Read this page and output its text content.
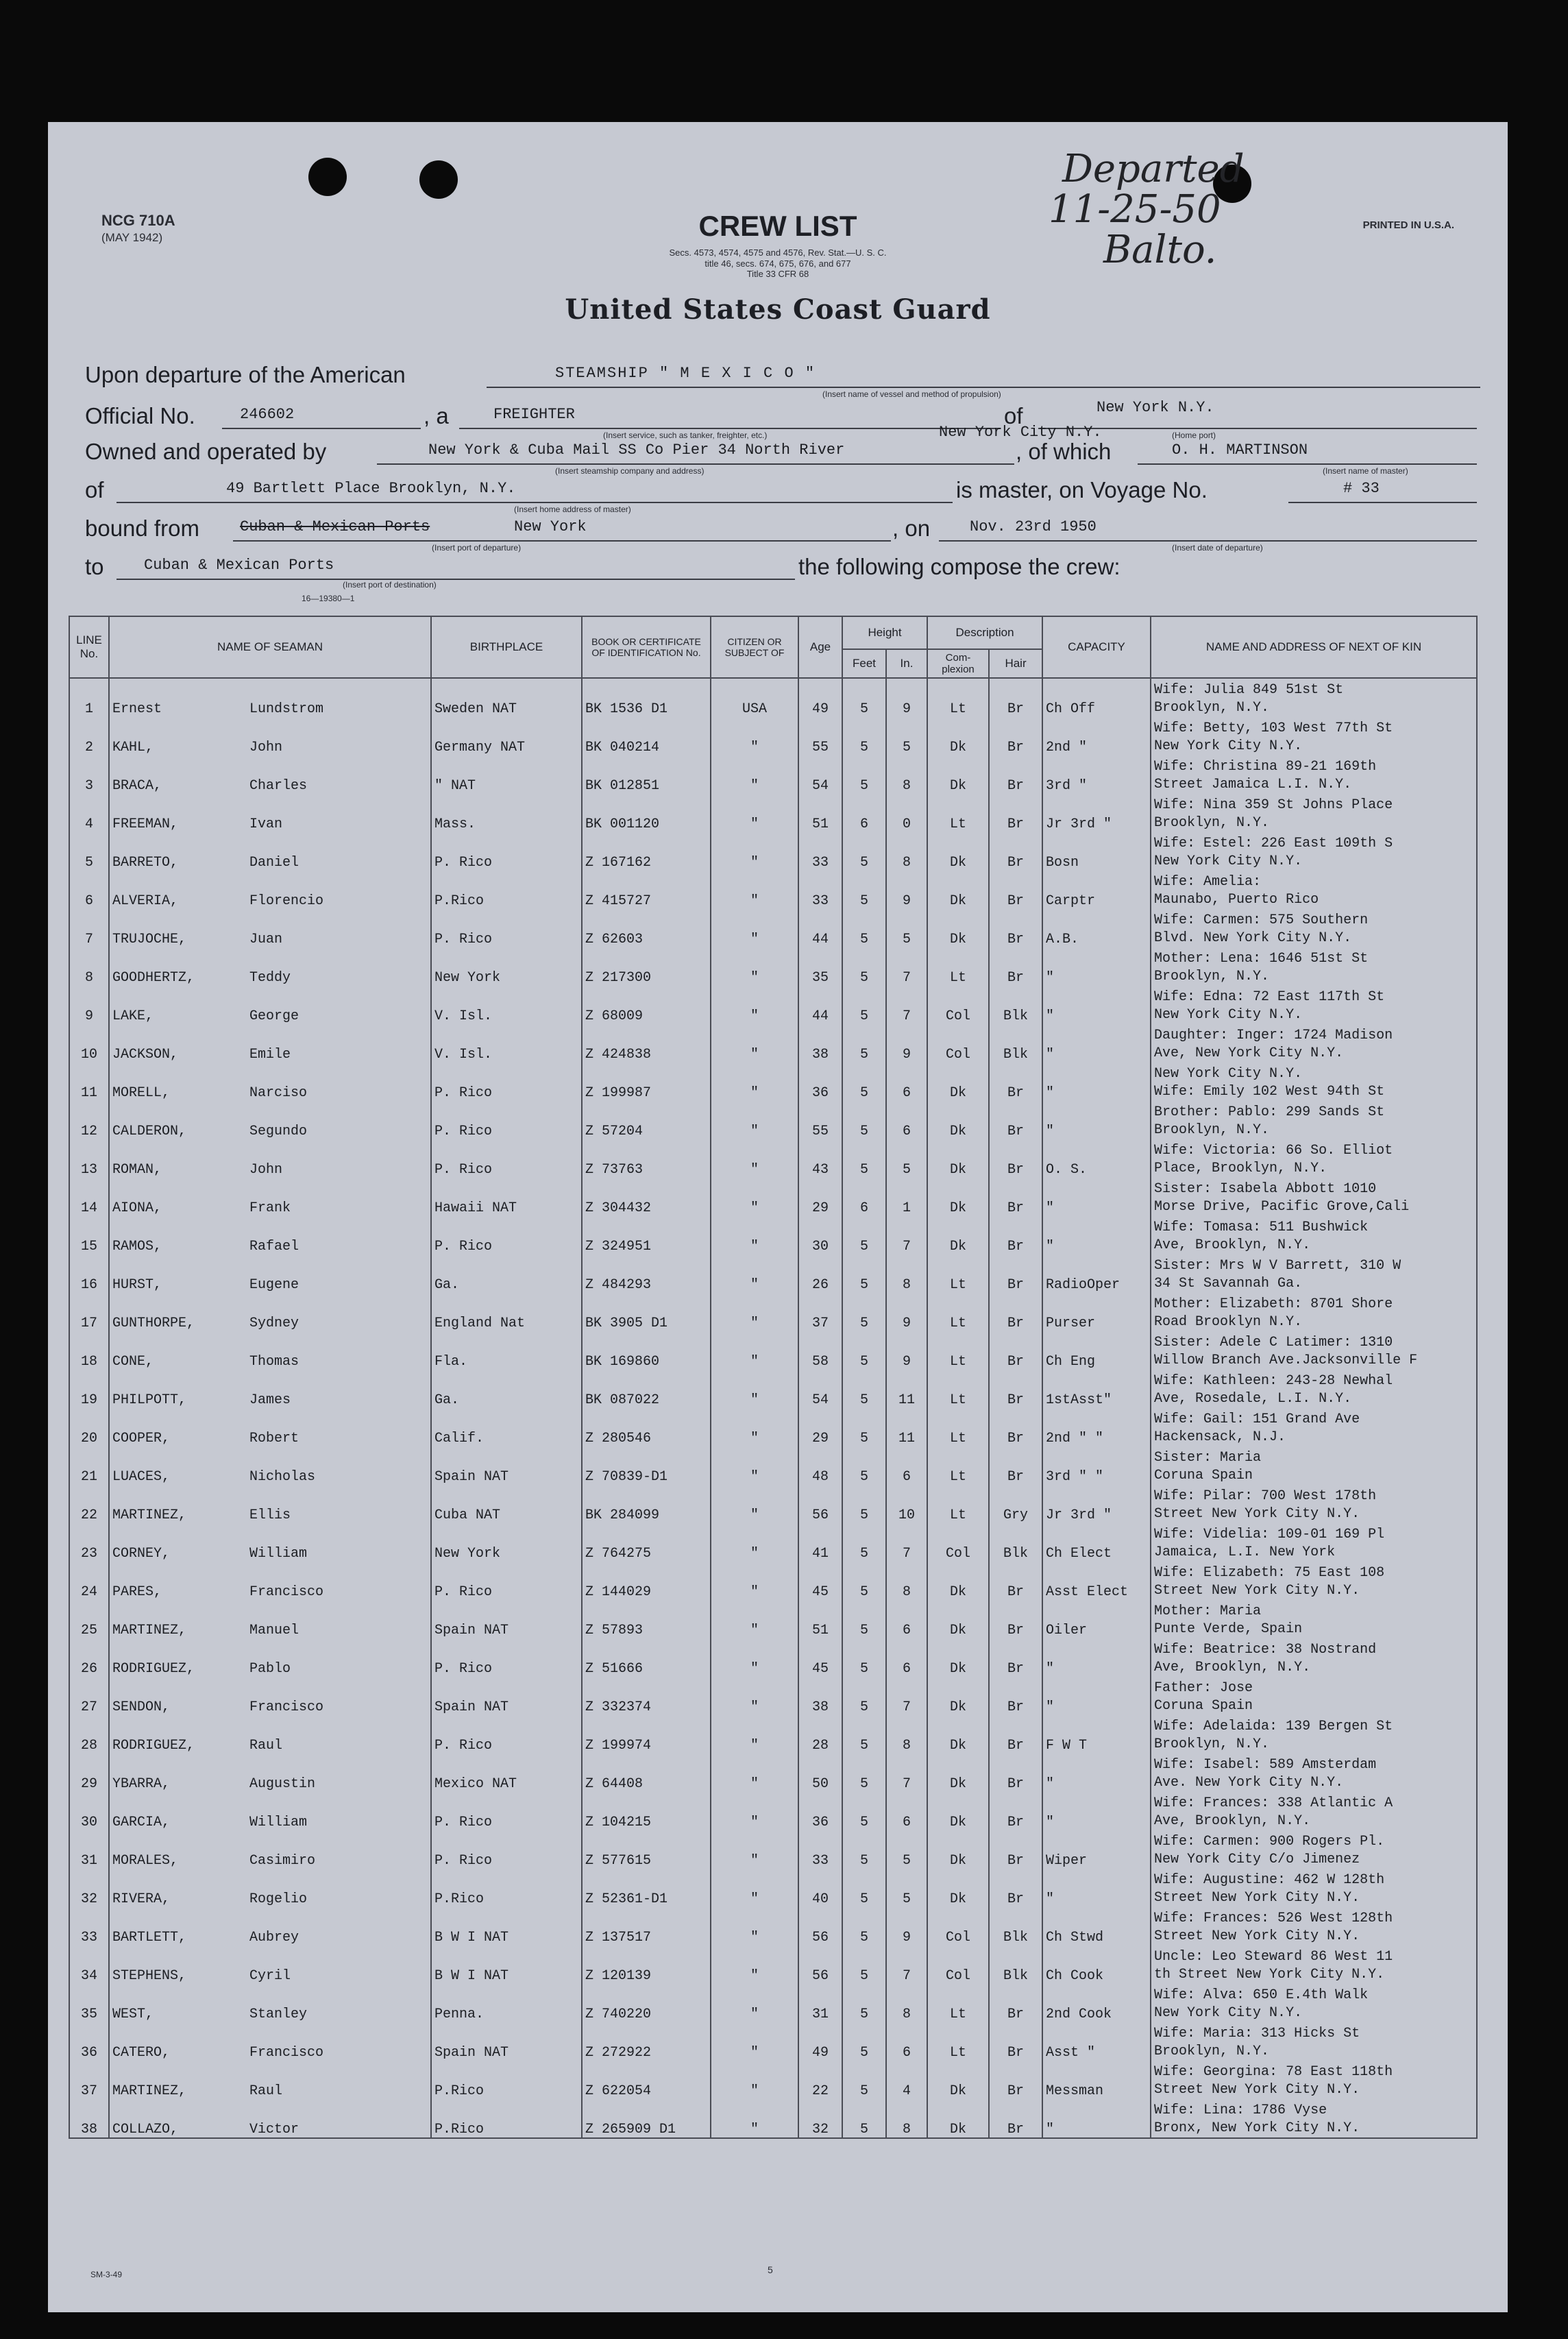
NCG 710A
(MAY 1942)
PRINTED IN U.S.A.
CREW LIST
Secs. 4573, 4574, 4575 and 4576, Rev. Stat.—U. S. C.
title 46, secs. 674, 675, 676, and 677
Title 33 CFR 68
Departed
11-25-50
Balto.
United States Coast Guard
Upon departure of the American	STEAMSHIP " M E X I C O "
(Insert name of vessel and method of propulsion)
Official No.	246602	, a	FREIGHTER
(Insert service, such as tanker, freighter, etc.)
of	New York N.Y.
(Home port)
Owned and operated by	New York & Cuba Mail SS Co Pier 34 North River
New York City N.Y.
(Insert steamship company and address)
, of which	O. H. MARTINSON
(Insert name of master)
of	49 Bartlett Place Brooklyn, N.Y.
(Insert home address of master)
is master, on Voyage No.	# 33
bound from	Cuban & Mexican Ports	New York
(Insert port of departure)
, on	Nov. 23rd 1950
(Insert date of departure)
to	Cuban & Mexican Ports
(Insert port of destination)
16—19380—1
the following compose the crew:
LINE No.	NAME OF SEAMAN	BIRTHPLACE	BOOK OR CERTIFICATE OF IDENTIFICATION No.	CITIZEN OR SUBJECT OF	Age	Height		Description		CAPACITY	NAME AND ADDRESS OF NEXT OF KIN
						Feet	In.	Com- plexion	Hair		
1	Ernest Lundstrom	Sweden NAT	BK 1536 D1	USA	49	5	9	Lt	Br	Ch Off	Wife: Julia 849 51st St
Brooklyn, N.Y.

2	KAHL, John	Germany NAT	BK 040214	"	55	5	5	Dk	Br	2nd "	Wife: Betty, 103 West 77th St
New York City N.Y.

3	BRACA, Charles	" NAT	BK 012851	"	54	5	8	Dk	Br	3rd "	Wife: Christina 89-21 169th
Street Jamaica L.I. N.Y.

4	FREEMAN, Ivan	Mass.	BK 001120	"	51	6	0	Lt	Br	Jr 3rd "	Wife: Nina 359 St Johns Place
Brooklyn, N.Y.

5	BARRETO, Daniel	P. Rico	Z 167162	"	33	5	8	Dk	Br	Bosn	Wife: Estel: 226 East 109th S
New York City N.Y.

6	ALVERIA, Florencio	P.Rico	Z 415727	"	33	5	9	Dk	Br	Carptr	Wife: Amelia:
Maunabo, Puerto Rico

7	TRUJOCHE, Juan	P. Rico	Z 62603	"	44	5	5	Dk	Br	A.B.	Wife: Carmen: 575 Southern
Blvd. New York City N.Y.

8	GOODHERTZ, Teddy	New York	Z 217300	"	35	5	7	Lt	Br	"	Mother: Lena: 1646 51st St
Brooklyn, N.Y.

9	LAKE, George	V. Isl.	Z 68009	"	44	5	7	Col	Blk	"	Wife: Edna: 72 East 117th St
New York City N.Y.

10	JACKSON, Emile	V. Isl.	Z 424838	"	38	5	9	Col	Blk	"	Daughter: Inger: 1724 Madison
Ave, New York City N.Y.

11	MORELL, Narciso	P. Rico	Z 199987	"	36	5	6	Dk	Br	"	New York City N.Y.
Wife: Emily 102 West 94th St

12	CALDERON, Segundo	P. Rico	Z 57204	"	55	5	6	Dk	Br	"	Brother: Pablo: 299 Sands St
Brooklyn, N.Y.

13	ROMAN, John	P. Rico	Z 73763	"	43	5	5	Dk	Br	O. S.	Wife: Victoria: 66 So. Elliot
Place, Brooklyn, N.Y.

14	AIONA, Frank	Hawaii NAT	Z 304432	"	29	6	1	Dk	Br	"	Sister: Isabela Abbott 1010
Morse Drive, Pacific Grove,Cali

15	RAMOS, Rafael	P. Rico	Z 324951	"	30	5	7	Dk	Br	"	Wife: Tomasa: 511 Bushwick
Ave, Brooklyn, N.Y.

16	HURST, Eugene	Ga.	Z 484293	"	26	5	8	Lt	Br	RadioOper	Sister: Mrs W V Barrett, 310 W
34 St Savannah Ga.

17	GUNTHORPE, Sydney	England Nat	BK 3905 D1	"	37	5	9	Lt	Br	Purser	Mother: Elizabeth: 8701 Shore
Road Brooklyn N.Y.

18	CONE, Thomas	Fla.	BK 169860	"	58	5	9	Lt	Br	Ch Eng	Sister: Adele C Latimer: 1310
Willow Branch Ave.Jacksonville F

19	PHILPOTT, James	Ga.	BK 087022	"	54	5	11	Lt	Br	1stAsst"	Wife: Kathleen: 243-28 Newhal
Ave, Rosedale, L.I. N.Y.

20	COOPER, Robert	Calif.	Z 280546	"	29	5	11	Lt	Br	2nd " "	Wife: Gail: 151 Grand Ave
Hackensack, N.J.

21	LUACES, Nicholas	Spain NAT	Z 70839-D1	"	48	5	6	Lt	Br	3rd " "	Sister: Maria
Coruna Spain

22	MARTINEZ, Ellis	Cuba NAT	BK 284099	"	56	5	10	Lt	Gry	Jr 3rd "	Wife: Pilar: 700 West 178th
Street New York City N.Y.

23	CORNEY, William	New York	Z 764275	"	41	5	7	Col	Blk	Ch Elect	Wife: Videlia: 109-01 169 Pl
Jamaica, L.I. New York

24	PARES, Francisco	P. Rico	Z 144029	"	45	5	8	Dk	Br	Asst Elect	Wife: Elizabeth: 75 East 108
Street New York City N.Y.

25	MARTINEZ, Manuel	Spain NAT	Z 57893	"	51	5	6	Dk	Br	Oiler	Mother: Maria
Punte Verde, Spain

26	RODRIGUEZ, Pablo	P. Rico	Z 51666	"	45	5	6	Dk	Br	"	Wife: Beatrice: 38 Nostrand
Ave, Brooklyn, N.Y.

27	SENDON, Francisco	Spain NAT	Z 332374	"	38	5	7	Dk	Br	"	Father: Jose
Coruna Spain

28	RODRIGUEZ, Raul	P. Rico	Z 199974	"	28	5	8	Dk	Br	F W T	Wife: Adelaida: 139 Bergen St
Brooklyn, N.Y.

29	YBARRA, Augustin	Mexico NAT	Z 64408	"	50	5	7	Dk	Br	"	Wife: Isabel: 589 Amsterdam
Ave. New York City N.Y.

30	GARCIA, William	P. Rico	Z 104215	"	36	5	6	Dk	Br	"	Wife: Frances: 338 Atlantic A
Ave, Brooklyn, N.Y.

31	MORALES, Casimiro	P. Rico	Z 577615	"	33	5	5	Dk	Br	Wiper	Wife: Carmen: 900 Rogers Pl.
New York City C/o Jimenez

32	RIVERA, Rogelio	P.Rico	Z 52361-D1	"	40	5	5	Dk	Br	"	Wife: Augustine: 462 W 128th
Street New York City N.Y.

33	BARTLETT, Aubrey	B W I NAT	Z 137517	"	56	5	9	Col	Blk	Ch Stwd	Wife: Frances: 526 West 128th
Street New York City N.Y.

34	STEPHENS, Cyril	B W I NAT	Z 120139	"	56	5	7	Col	Blk	Ch Cook	Uncle: Leo Steward 86 West 11
th Street New York City N.Y.

35	WEST, Stanley	Penna.	Z 740220	"	31	5	8	Lt	Br	2nd Cook	Wife: Alva: 650 E.4th Walk
New York City N.Y.

36	CATERO, Francisco	Spain NAT	Z 272922	"	49	5	6	Lt	Br	Asst "	Wife: Maria: 313 Hicks St
Brooklyn, N.Y.

37	MARTINEZ, Raul	P.Rico	Z 622054	"	22	5	4	Dk	Br	Messman	Wife: Georgina: 78 East 118th
Street New York City N.Y.

38	COLLAZO, Victor	P.Rico	Z 265909 D1	"	32	5	8	Dk	Br	"	Wife: Lina: 1786 Vyse
Bronx, New York City N.Y.
SM-3-49	5
